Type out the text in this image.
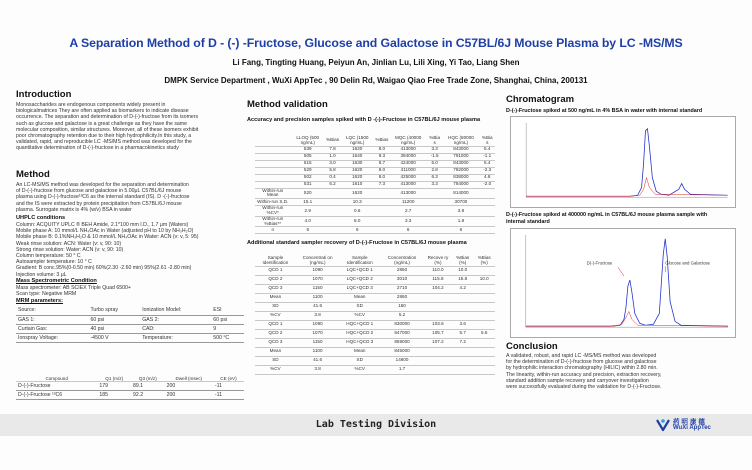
A Separation Method of D - (-) -Fructose, Glucose and Galactose in C57BL/6J Mouse Plasma by LC -MS/MS
Li Fang, Tingting Huang, Peiyun An, Jinlian Lu, Lili Xing, Yi Tao, Liang Shen
DMPK Service Department , WuXi AppTec , 90 Delin Rd, Waigao Qiao Free Trade Zone, Shanghai, China, 200131
Introduction
Monosaccharides are endogenous components widely present in
biologicalmatrices They are often applied as biomarkers to indicate disease
occurrence. The separation and determination of D-(-)-fructose from its isomers
such as glucose and galactose is a great challenge as they have the same
molecular composition, similar structures. Moreover, all of these isomers exhibit
poor chromatography retention due to their high hydrophilicity.In this study, a
validated, rapid, and reproducible LC -MS/MS method was developed for the
quantitative determination of D-(-)-fructose in a pharmacokinetics study
Method
An LC-MS/MS method was developed for the separation and determination
of D-(-)-fructose from glucose and galactose in 5.00μL C57BL/6J mouse
plasma using D-(-)-fructose¹³C6 as the internal standard (IS). D -(-)-fructose
and the IS were extracted by protein precipitation from C57BL/6J mouse
plasma. Surrogate matrix is 4% (w/v) BSA in water
UHPLC conditions
Column: ACQUITY UPLC ® BEH Amide, 2.1*100 mm I.D., 1.7 μm (Waters)
Mobile phase A: 10 mmol/L NH₄OAc in Water (adjusted pH to 10 by NH₃H₂O)
Mobile phase B: 0.1%NH₃H₂O & 10 mmol/L NH₄OAc in Water: ACN (v: v, 5: 95)
Weak rinse solution: ACN: Water (v: v, 90: 10)
Strong rinse solution: Water: ACN (v: v, 90: 10)
Column temperature: 50 ° C
Autosampler temperature: 10 ° C
Gradient: B conc.95%(0-0.50 min) 60%(2.30 -2.60 min) 95%(2.61 -2.80 min)
Injection volume: 3 μL
Mass Spectrometric Condition
Mass spectrometer: AB SCIEX Triple Quad 6500+
Scan type: Negative MRM
MRM parameters:
Source:	Turbo spray	Ionization Model:	ESI
GAS 1:	60 psi	GAS 2:	60 psi
Curtain Gas:	40 psi	CAD:	9
Ionspray Voltage:	-4500 V	Temperature:	500 °C
Compound	Q1 (m/z)	Q3 (m/z)	Dwell (msec)	CE (eV)
D-(-)-Fructose	179	89.1	200	-11
D-(-)-Fructose ¹³C6	185	92.2	200	-11
Method validation
Accuracy and precision samples spiked with D -(-)-Fructose in C57BL/6J mouse plasma
	LLOQ (500 ng/mL)	%Bias	LQC (1500 ng/mL)	%Bias	MQC (40000 ng/mL)	%Bia s	HQC (80000 ng/mL)	%Bia s
	539	7.8	1620	8.0	413000	3.3	843000	5.4
	505	1.0	1640	9.3	394000	-1.5	791000	-1.1
	515	3.0	1630	8.7	424000	6.0	843000	5.4
	529	5.8	1620	8.0	411000	2.8	782000	-2.3
	502	0.4	1620	8.0	425000	6.3	838000	4.8
	531	6.2	1610	7.3	413000	3.3	784000	-2.0
Within-run Mean	520		1620		413000		814000	
Within-run S.D.	15.1		10.3		11200		30700	
Within-run %CV*	2.9		0.6		2.7		3.8	
Within-run %Bias**	4.0		8.0		3.3		1.8	
n	6		6		6		6	
Additional standard sampler recovery of D-(-)-Fructose in C57BL/6J mouse plasma
Sample Identification	Concentrati on (ng/mL)	Sample Identification	Concentration (ng/mL)	Recove ry (%)	%Bias (%)	%Bias (%)
QCD 1	1090	LQC+QCD 1	2860	110.0	10.0	
QCD 2	1070	LQC+QCD 2	3010	115.8	15.8	10.0
QCD 3	1150	LQC+QCD 3	2710	104.2	4.2	
Mean	1100	Mean	2860			
SD	41.6	SD	150			
%CV	3.8	%CV	5.2			
QCD 1	1090	HQC+QCD 1	830000	103.6	3.6	
QCD 2	1070	HQC+QCD 2	847000	105.7	5.7	5.5
QCD 3	1150	HQC+QCD 3	859000	107.2	7.2	
Mean	1100	Mean	845000			
SD	41.6	SD	14600			
%CV	3.8	%CV	1.7			
Chromatogram
D-(-)-Fructose spiked at 500 ng/mL in 4% BSA in water with internal standard
D-(-)-Fructose spiked at 400000 ng/mL in C57BL/6J mouse plasma sample with
internal standard
D(-)-Fructose	Glucose and Galactose
Conclusion
A validated, robust, and rapid LC -MS/MS method was developed
for the determination of D-(-)-fructose from glucose and galactose
by hydrophilic interaction chromatography (HILIC) within 2.80 min.
The linearity, within-run accuracy and precision, extraction recovery,
standard addition sample recovery and carryover investigation
were successfully evaluated during the validation for D-(-)-Fructose.
Lab Testing Division	药 明 康 德
WuXi AppTec
